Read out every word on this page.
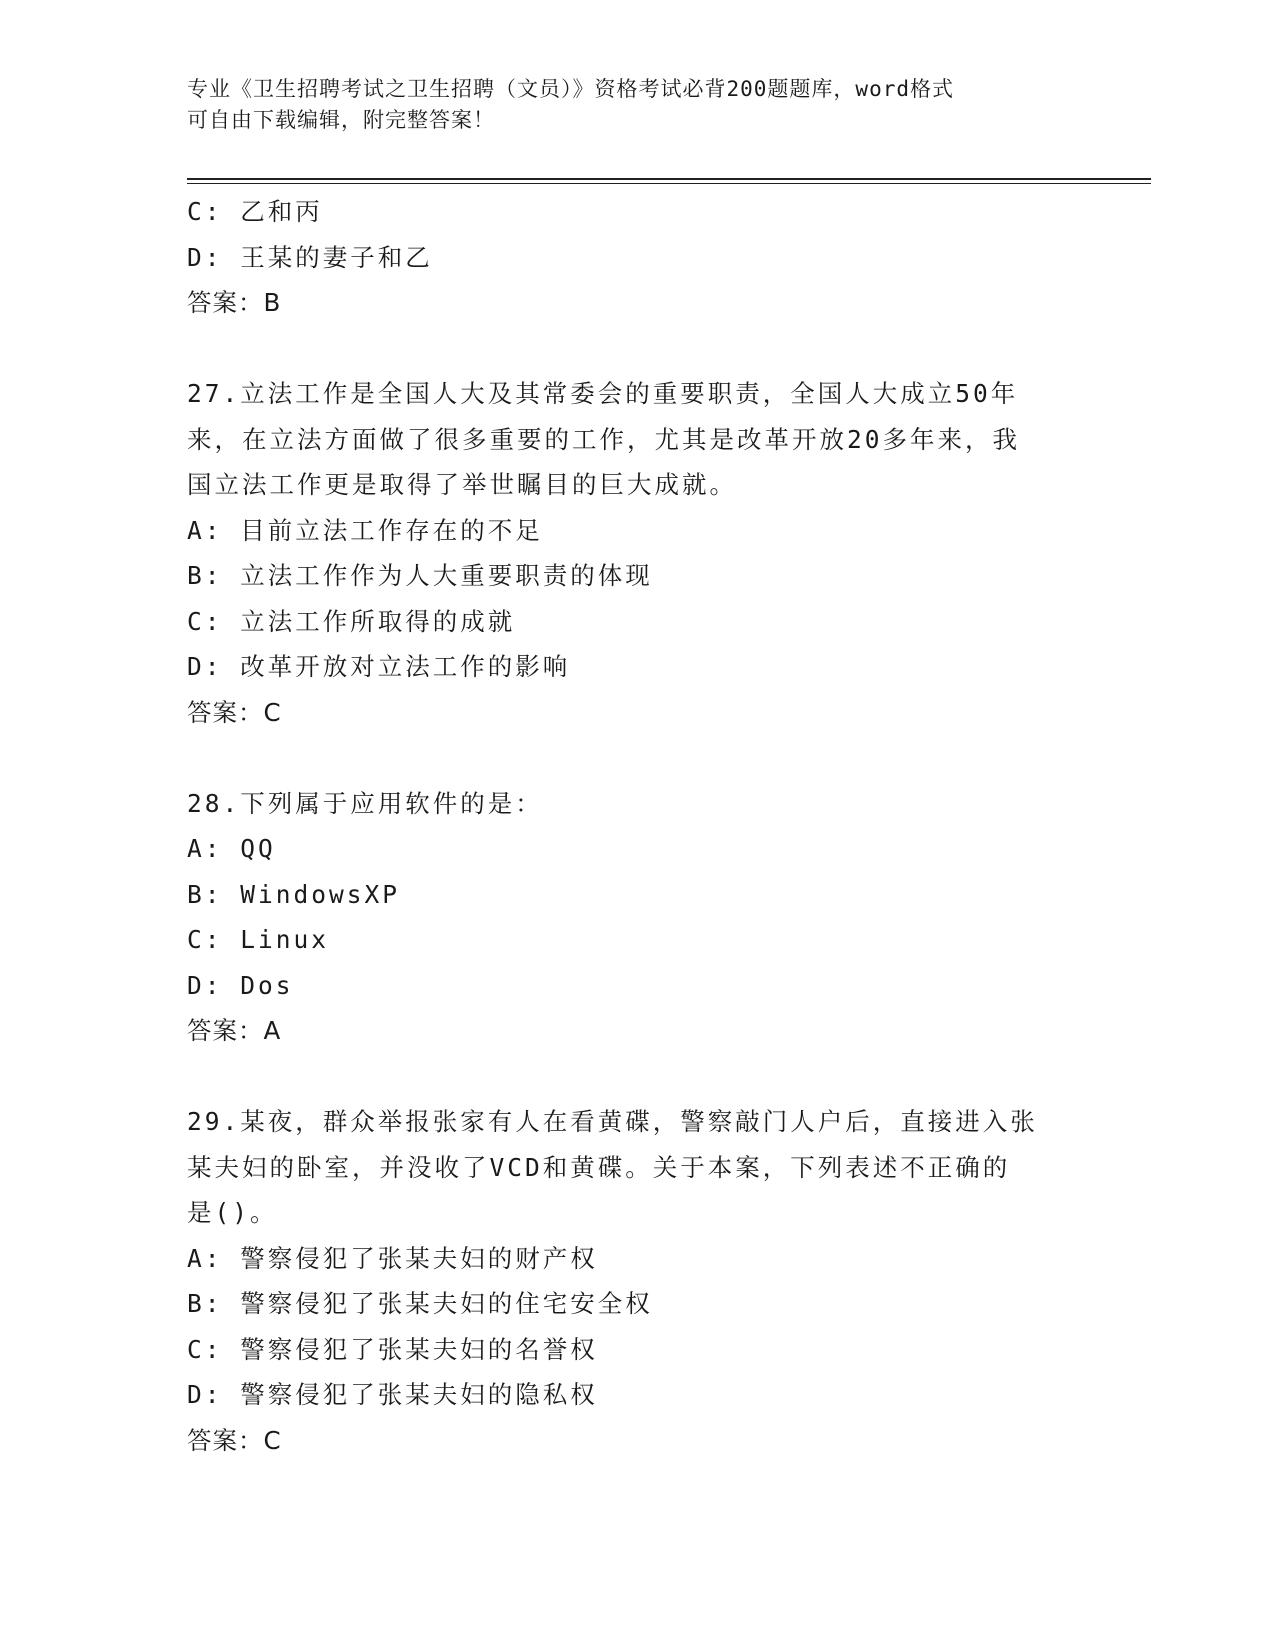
专业《卫生招聘考试之卫生招聘（文员）》资格考试必背200题题库，word格式
可自由下载编辑，附完整答案！
C: 乙和丙
D: 王某的妻子和乙
答案：B
27.立法工作是全国人大及其常委会的重要职责，全国人大成立50年
来，在立法方面做了很多重要的工作，尤其是改革开放20多年来，我
国立法工作更是取得了举世瞩目的巨大成就。
A: 目前立法工作存在的不足
B: 立法工作作为人大重要职责的体现
C: 立法工作所取得的成就
D: 改革开放对立法工作的影响
答案：C
28.下列属于应用软件的是：
A: QQ
B: WindowsXP
C: Linux
D: Dos
答案：A
29.某夜，群众举报张家有人在看黄碟，警察敲门人户后，直接进入张
某夫妇的卧室，并没收了VCD和黄碟。关于本案，下列表述不正确的
是()。
A: 警察侵犯了张某夫妇的财产权
B: 警察侵犯了张某夫妇的住宅安全权
C: 警察侵犯了张某夫妇的名誉权
D: 警察侵犯了张某夫妇的隐私权
答案：C
